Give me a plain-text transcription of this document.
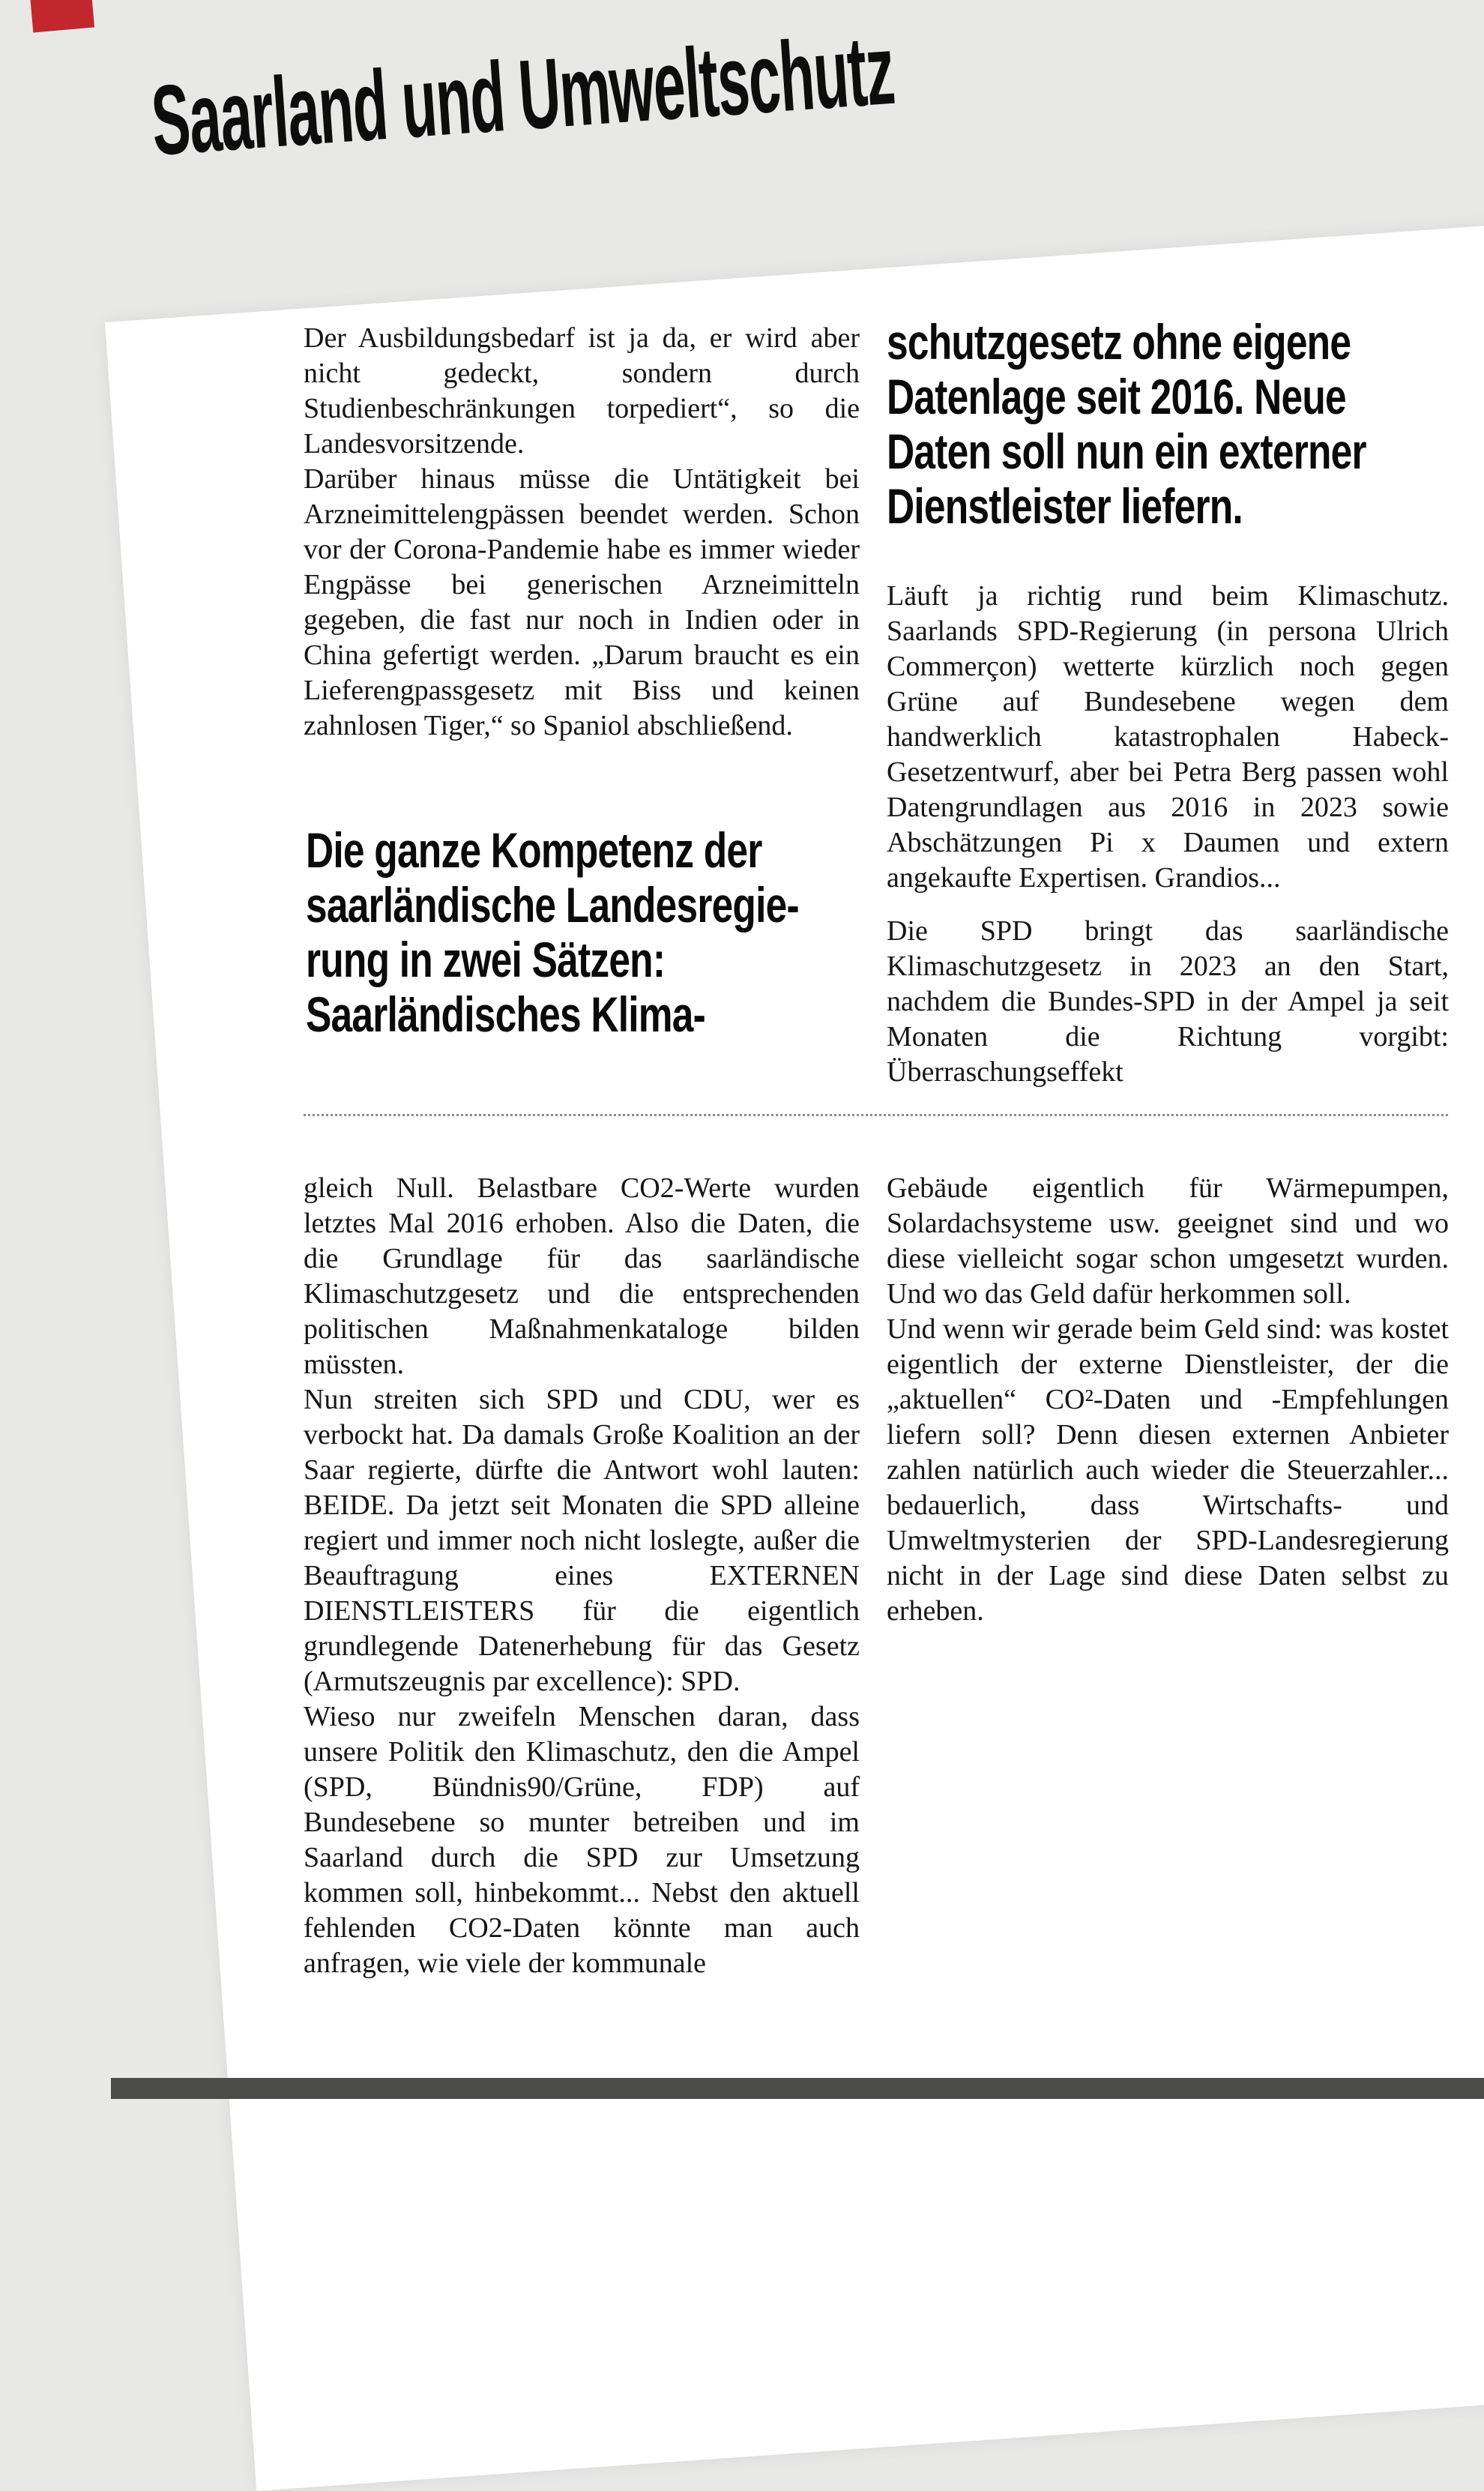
Saarland und Umweltschutz

Der Ausbildungsbedarf ist ja da, er wird aber nicht gedeckt, sondern durch Studienbeschränkungen torpediert“, so die Landesvorsitzende.

Darüber hinaus müsse die Untätigkeit bei Arzneimittelengpässen beendet werden. Schon vor der Corona-Pandemie habe es immer wieder Engpässe bei generischen Arzneimitteln gegeben, die fast nur noch in Indien oder in China gefertigt werden. „Darum braucht es ein Lieferengpassgesetz mit Biss und keinen zahnlosen Tiger,“ so Spaniol abschließend.

schutzgesetz ohne eigene
Datenlage seit 2016. Neue
Daten soll nun ein externer
Dienstleister liefern.

Läuft ja richtig rund beim Klimaschutz. Saarlands SPD-Regierung (in persona Ulrich Commerçon) wetterte kürzlich noch gegen Grüne auf Bundesebene wegen dem handwerklich katastrophalen Habeck-Gesetzentwurf, aber bei Petra Berg passen wohl Datengrundlagen aus 2016 in 2023 sowie Abschätzungen Pi x Daumen und extern angekaufte Expertisen. Grandios...

Die SPD bringt das saarländische Klimaschutzgesetz in 2023 an den Start, nachdem die Bundes-SPD in der Ampel ja seit Monaten die Richtung vorgibt: Überraschungseffekt

Die ganze Kompetenz der
saarländische Landesregie-
rung in zwei Sätzen:
Saarländisches Klima-

gleich Null. Belastbare CO2-Werte wurden letztes Mal 2016 erhoben. Also die Daten, die die Grundlage für das saarländische Klimaschutzgesetz und die entsprechenden politischen Maßnahmenkataloge bilden müssten.

Nun streiten sich SPD und CDU, wer es verbockt hat. Da damals Große Koalition an der Saar regierte, dürfte die Antwort wohl lauten: BEIDE. Da jetzt seit Monaten die SPD alleine regiert und immer noch nicht loslegte, außer die Beauftragung eines EXTERNEN DIENSTLEISTERS für die eigentlich grundlegende Datenerhebung für das Gesetz (Armutszeugnis par excellence): SPD.

Wieso nur zweifeln Menschen daran, dass unsere Politik den Klimaschutz, den die Ampel (SPD, Bündnis90/Grüne, FDP) auf Bundesebene so munter betreiben und im Saarland durch die SPD zur Umsetzung kommen soll, hinbekommt... Nebst den aktuell fehlenden CO2-Daten könnte man auch anfragen, wie viele der kommunale

Gebäude eigentlich für Wärmepumpen, Solardachsysteme usw. geeignet sind und wo diese vielleicht sogar schon umgesetzt wurden. Und wo das Geld dafür herkommen soll.

Und wenn wir gerade beim Geld sind: was kostet eigentlich der externe Dienstleister, der die „aktuellen“ CO²-Daten und -Empfehlungen liefern soll? Denn diesen externen Anbieter zahlen natürlich auch wieder die Steuerzahler... bedauerlich, dass Wirtschafts- und Umweltmysterien der SPD-Landesregierung nicht in der Lage sind diese Daten selbst zu erheben.
